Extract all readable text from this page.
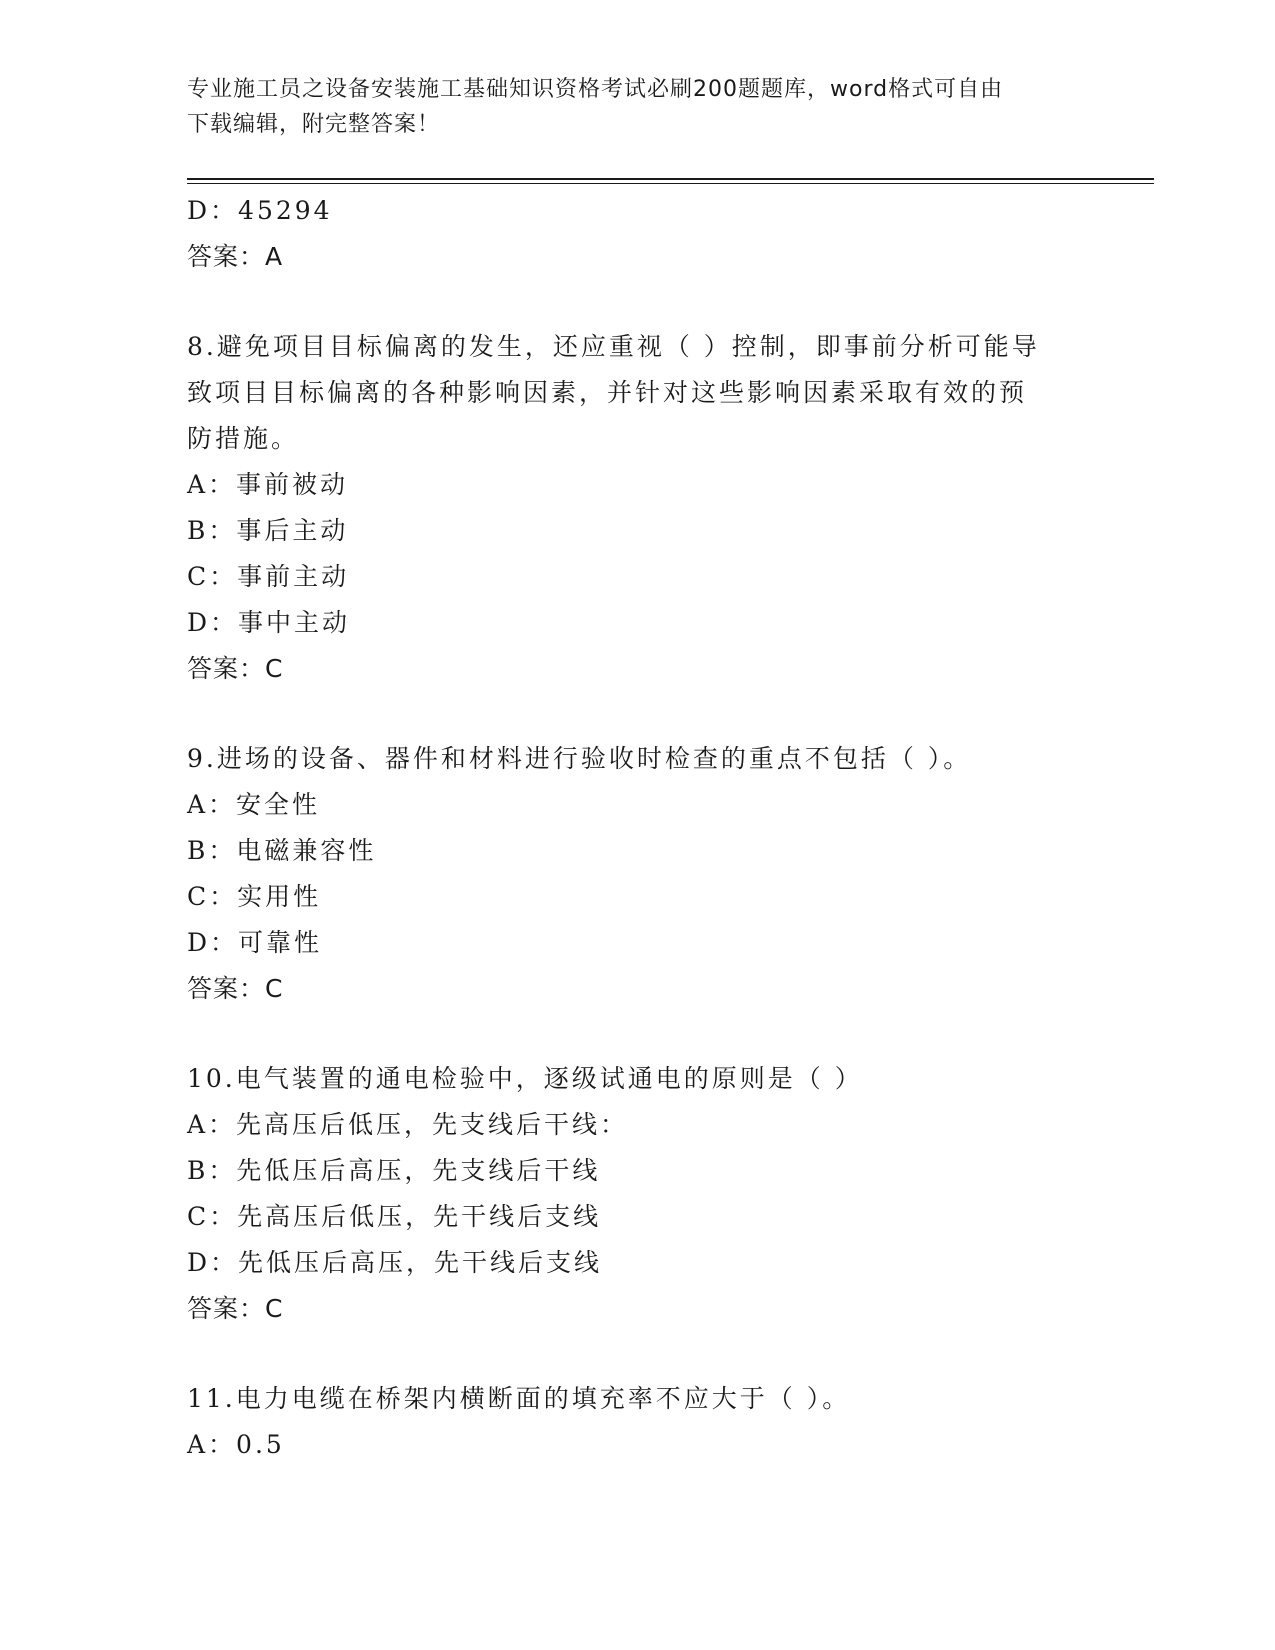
专业施工员之设备安装施工基础知识资格考试必刷200题题库，word格式可自由
下载编辑，附完整答案！
D：45294
答案：A
8.避免项目目标偏离的发生，还应重视（ ）控制，即事前分析可能导
致项目目标偏离的各种影响因素，并针对这些影响因素采取有效的预
防措施。
A：事前被动
B：事后主动
C：事前主动
D：事中主动
答案：C
9.进场的设备、器件和材料进行验收时检查的重点不包括（ ）。
A：安全性
B：电磁兼容性
C：实用性
D：可靠性
答案：C
10.电气装置的通电检验中，逐级试通电的原则是（ ）
A：先高压后低压，先支线后干线：
B：先低压后高压，先支线后干线
C：先高压后低压，先干线后支线
D：先低压后高压，先干线后支线
答案：C
11.电力电缆在桥架内横断面的填充率不应大于（ ）。
A：0.5
